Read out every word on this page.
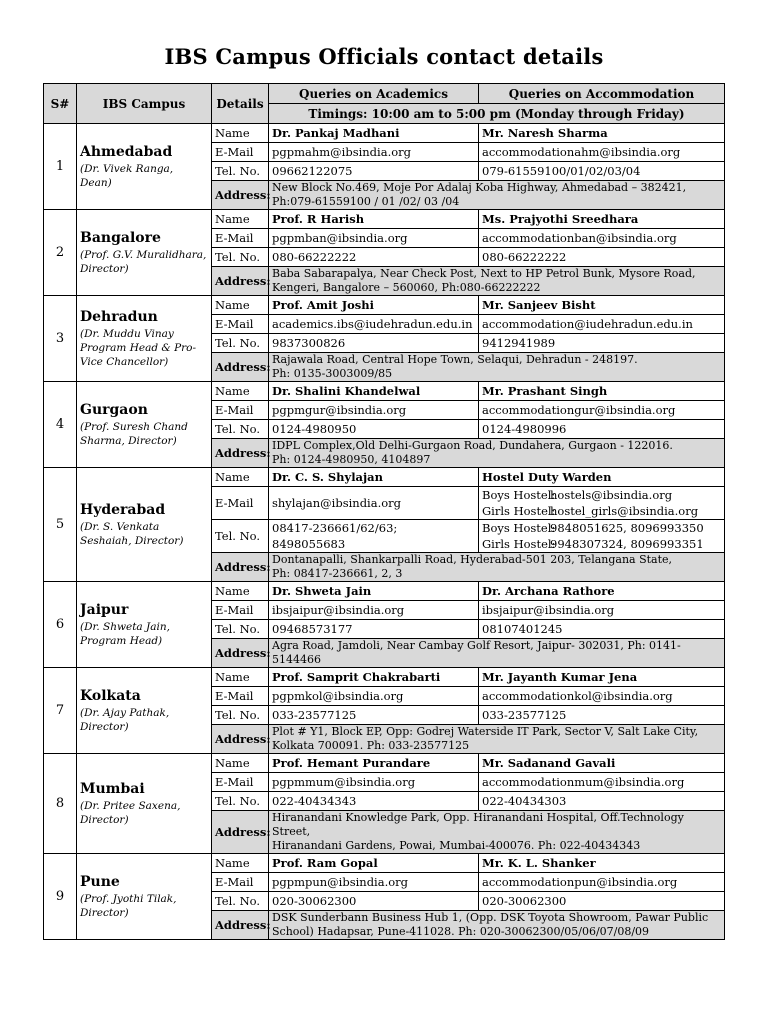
IBS Campus Officials contact details
S#	IBS Campus	Details	Queries on Academics	Queries on Accommodation
			Timings: 10:00 am to 5:00 pm (Monday through Friday)	
1	Ahmedabad
(Dr. Vivek Ranga, Dean)	Name	Dr. Pankaj Madhani	Mr. Naresh Sharma
		E-Mail	pgpmahm@ibsindia.org	accommodationahm@ibsindia.org
		Tel. No.	09662122075	079-61559100/01/02/03/04
		Address:	New Block No.469, Moje Por Adalaj Koba Highway, Ahmedabad – 382421,
Ph:079-61559100 / 01 /02/ 03 /04	

2	Bangalore
(Prof. G.V. Muralidhara, Director)	Name	Prof. R Harish	Ms. Prajyothi Sreedhara
		E-Mail	pgpmban@ibsindia.org	accommodationban@ibsindia.org
		Tel. No.	080-66222222	080-66222222
		Address:	Baba Sabarapalya, Near Check Post, Next to HP Petrol Bunk, Mysore Road,
Kengeri, Bangalore – 560060, Ph:080-66222222	

3	Dehradun
(Dr. Muddu Vinay Program Head & Pro-Vice Chancellor)	Name	Prof. Amit Joshi	Mr. Sanjeev Bisht
		E-Mail	academics.ibs@iudehradun.edu.in	accommodation@iudehradun.edu.in
		Tel. No.	9837300826	9412941989
		Address:	Rajawala Road, Central Hope Town, Selaqui, Dehradun - 248197.
Ph: 0135-3003009/85	

4	Gurgaon
(Prof. Suresh Chand Sharma, Director)	Name	Dr. Shalini Khandelwal	Mr. Prashant Singh
		E-Mail	pgpmgur@ibsindia.org	accommodationgur@ibsindia.org
		Tel. No.	0124-4980950	0124-4980996
		Address:	IDPL Complex,Old Delhi-Gurgaon Road, Dundahera, Gurgaon - 122016.
Ph: 0124-4980950, 4104897	

5	Hyderabad
(Dr. S. Venkata Seshaiah, Director)	Name	Dr. C. S. Shylajan	Hostel Duty Warden
		E-Mail	shylajan@ibsindia.org	Boys Hostel:hostels@ibsindia.org
Girls Hostel:hostel_girls@ibsindia.org

		Tel. No.	08417-236661/62/63;
8498055683	Boys Hostel:9848051625, 8096993350
Girls Hostel:9948307324, 8096993351

		Address:	Dontanapalli, Shankarpalli Road, Hyderabad-501 203, Telangana State,
Ph: 08417-236661, 2, 3	

6	Jaipur
(Dr. Shweta Jain, Program Head)	Name	Dr. Shweta Jain	Dr. Archana Rathore
		E-Mail	ibsjaipur@ibsindia.org	ibsjaipur@ibsindia.org
		Tel. No.	09468573177	08107401245
		Address:	Agra Road, Jamdoli, Near Cambay Golf Resort, Jaipur- 302031, Ph: 0141- 5144466	

7	Kolkata
(Dr. Ajay Pathak, Director)	Name	Prof. Samprit Chakrabarti	Mr. Jayanth Kumar Jena
		E-Mail	pgpmkol@ibsindia.org	accommodationkol@ibsindia.org
		Tel. No.	033-23577125	033-23577125
		Address:	Plot # Y1, Block EP, Opp: Godrej Waterside IT Park, Sector V, Salt Lake City,
Kolkata 700091. Ph: 033-23577125	

8	Mumbai
(Dr. Pritee Saxena, Director)	Name	Prof. Hemant Purandare	Mr. Sadanand Gavali
		E-Mail	pgpmmum@ibsindia.org	accommodationmum@ibsindia.org
		Tel. No.	022-40434343	022-40434303
		Address:	Hiranandani Knowledge Park, Opp. Hiranandani Hospital, Off.Technology Street,
Hiranandani Gardens, Powai, Mumbai-400076. Ph: 022-40434343	

9	Pune
(Prof. Jyothi Tilak, Director)	Name	Prof. Ram Gopal	Mr. K. L. Shanker
		E-Mail	pgpmpun@ibsindia.org	accommodationpun@ibsindia.org
		Tel. No.	020-30062300	020-30062300
		Address:	DSK Sunderbann Business Hub 1, (Opp. DSK Toyota Showroom, Pawar Public
School) Hadapsar, Pune-411028. Ph: 020-30062300/05/06/07/08/09	
